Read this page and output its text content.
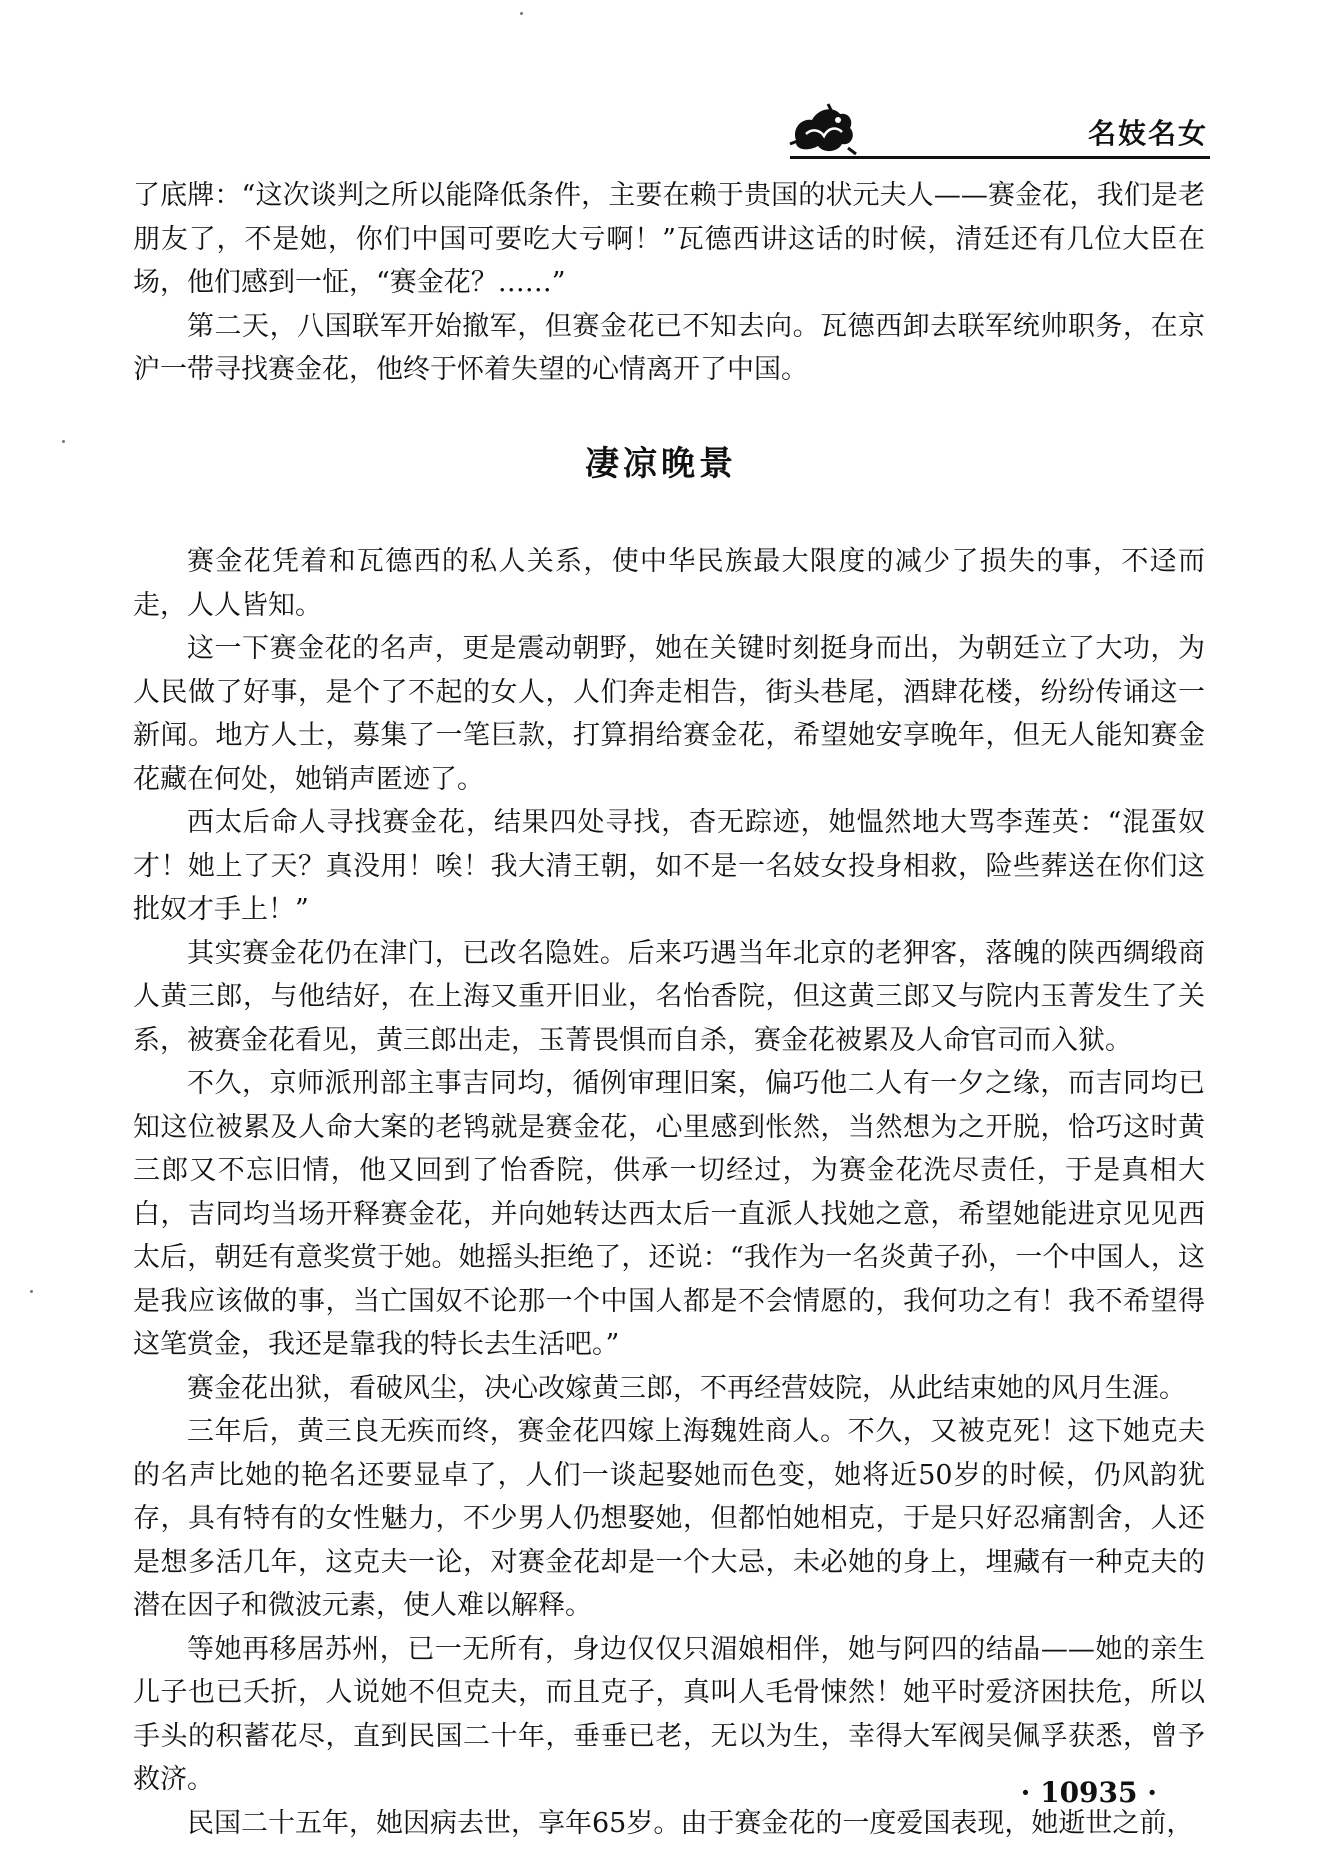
名妓名女

了底牌：“这次谈判之所以能降低条件，主要在赖于贵国的状元夫人——赛金花，我们是老朋友了，不是她，你们中国可要吃大亏啊！”瓦德西讲这话的时候，清廷还有几位大臣在场，他们感到一怔，“赛金花？……”

第二天，八国联军开始撤军，但赛金花已不知去向。瓦德西卸去联军统帅职务，在京沪一带寻找赛金花，他终于怀着失望的心情离开了中国。

凄凉晚景

赛金花凭着和瓦德西的私人关系，使中华民族最大限度的减少了损失的事，不迳而走，人人皆知。

这一下赛金花的名声，更是震动朝野，她在关键时刻挺身而出，为朝廷立了大功，为人民做了好事，是个了不起的女人，人们奔走相告，街头巷尾，酒肆花楼，纷纷传诵这一新闻。地方人士，募集了一笔巨款，打算捐给赛金花，希望她安享晚年，但无人能知赛金花藏在何处，她销声匿迹了。

西太后命人寻找赛金花，结果四处寻找，杳无踪迹，她愠然地大骂李莲英：“混蛋奴才！她上了天？真没用！唉！我大清王朝，如不是一名妓女投身相救，险些葬送在你们这批奴才手上！”

其实赛金花仍在津门，已改名隐姓。后来巧遇当年北京的老狎客，落魄的陕西绸缎商人黄三郎，与他结好，在上海又重开旧业，名怡香院，但这黄三郎又与院内玉菁发生了关系，被赛金花看见，黄三郎出走，玉菁畏惧而自杀，赛金花被累及人命官司而入狱。

不久，京师派刑部主事吉同均，循例审理旧案，偏巧他二人有一夕之缘，而吉同均已知这位被累及人命大案的老鸨就是赛金花，心里感到怅然，当然想为之开脱，恰巧这时黄三郎又不忘旧情，他又回到了怡香院，供承一切经过，为赛金花洗尽责任，于是真相大白，吉同均当场开释赛金花，并向她转达西太后一直派人找她之意，希望她能进京见见西太后，朝廷有意奖赏于她。她摇头拒绝了，还说：“我作为一名炎黄子孙，一个中国人，这是我应该做的事，当亡国奴不论那一个中国人都是不会情愿的，我何功之有！我不希望得这笔赏金，我还是靠我的特长去生活吧。”

赛金花出狱，看破风尘，决心改嫁黄三郎，不再经营妓院，从此结束她的风月生涯。

三年后，黄三良无疾而终，赛金花四嫁上海魏姓商人。不久，又被克死！这下她克夫的名声比她的艳名还要显卓了，人们一谈起娶她而色变，她将近50岁的时候，仍风韵犹存，具有特有的女性魅力，不少男人仍想娶她，但都怕她相克，于是只好忍痛割舍，人还是想多活几年，这克夫一论，对赛金花却是一个大忌，未必她的身上，埋藏有一种克夫的潜在因子和微波元素，使人难以解释。

等她再移居苏州，已一无所有，身边仅仅只湄娘相伴，她与阿四的结晶——她的亲生儿子也已夭折，人说她不但克夫，而且克子，真叫人毛骨悚然！她平时爱济困扶危，所以手头的积蓄花尽，直到民国二十年，垂垂已老，无以为生，幸得大军阀吴佩孚获悉，曾予救济。

民国二十五年，她因病去世，享年65岁。由于赛金花的一度爱国表现，她逝世之前，

· 10935 ·
